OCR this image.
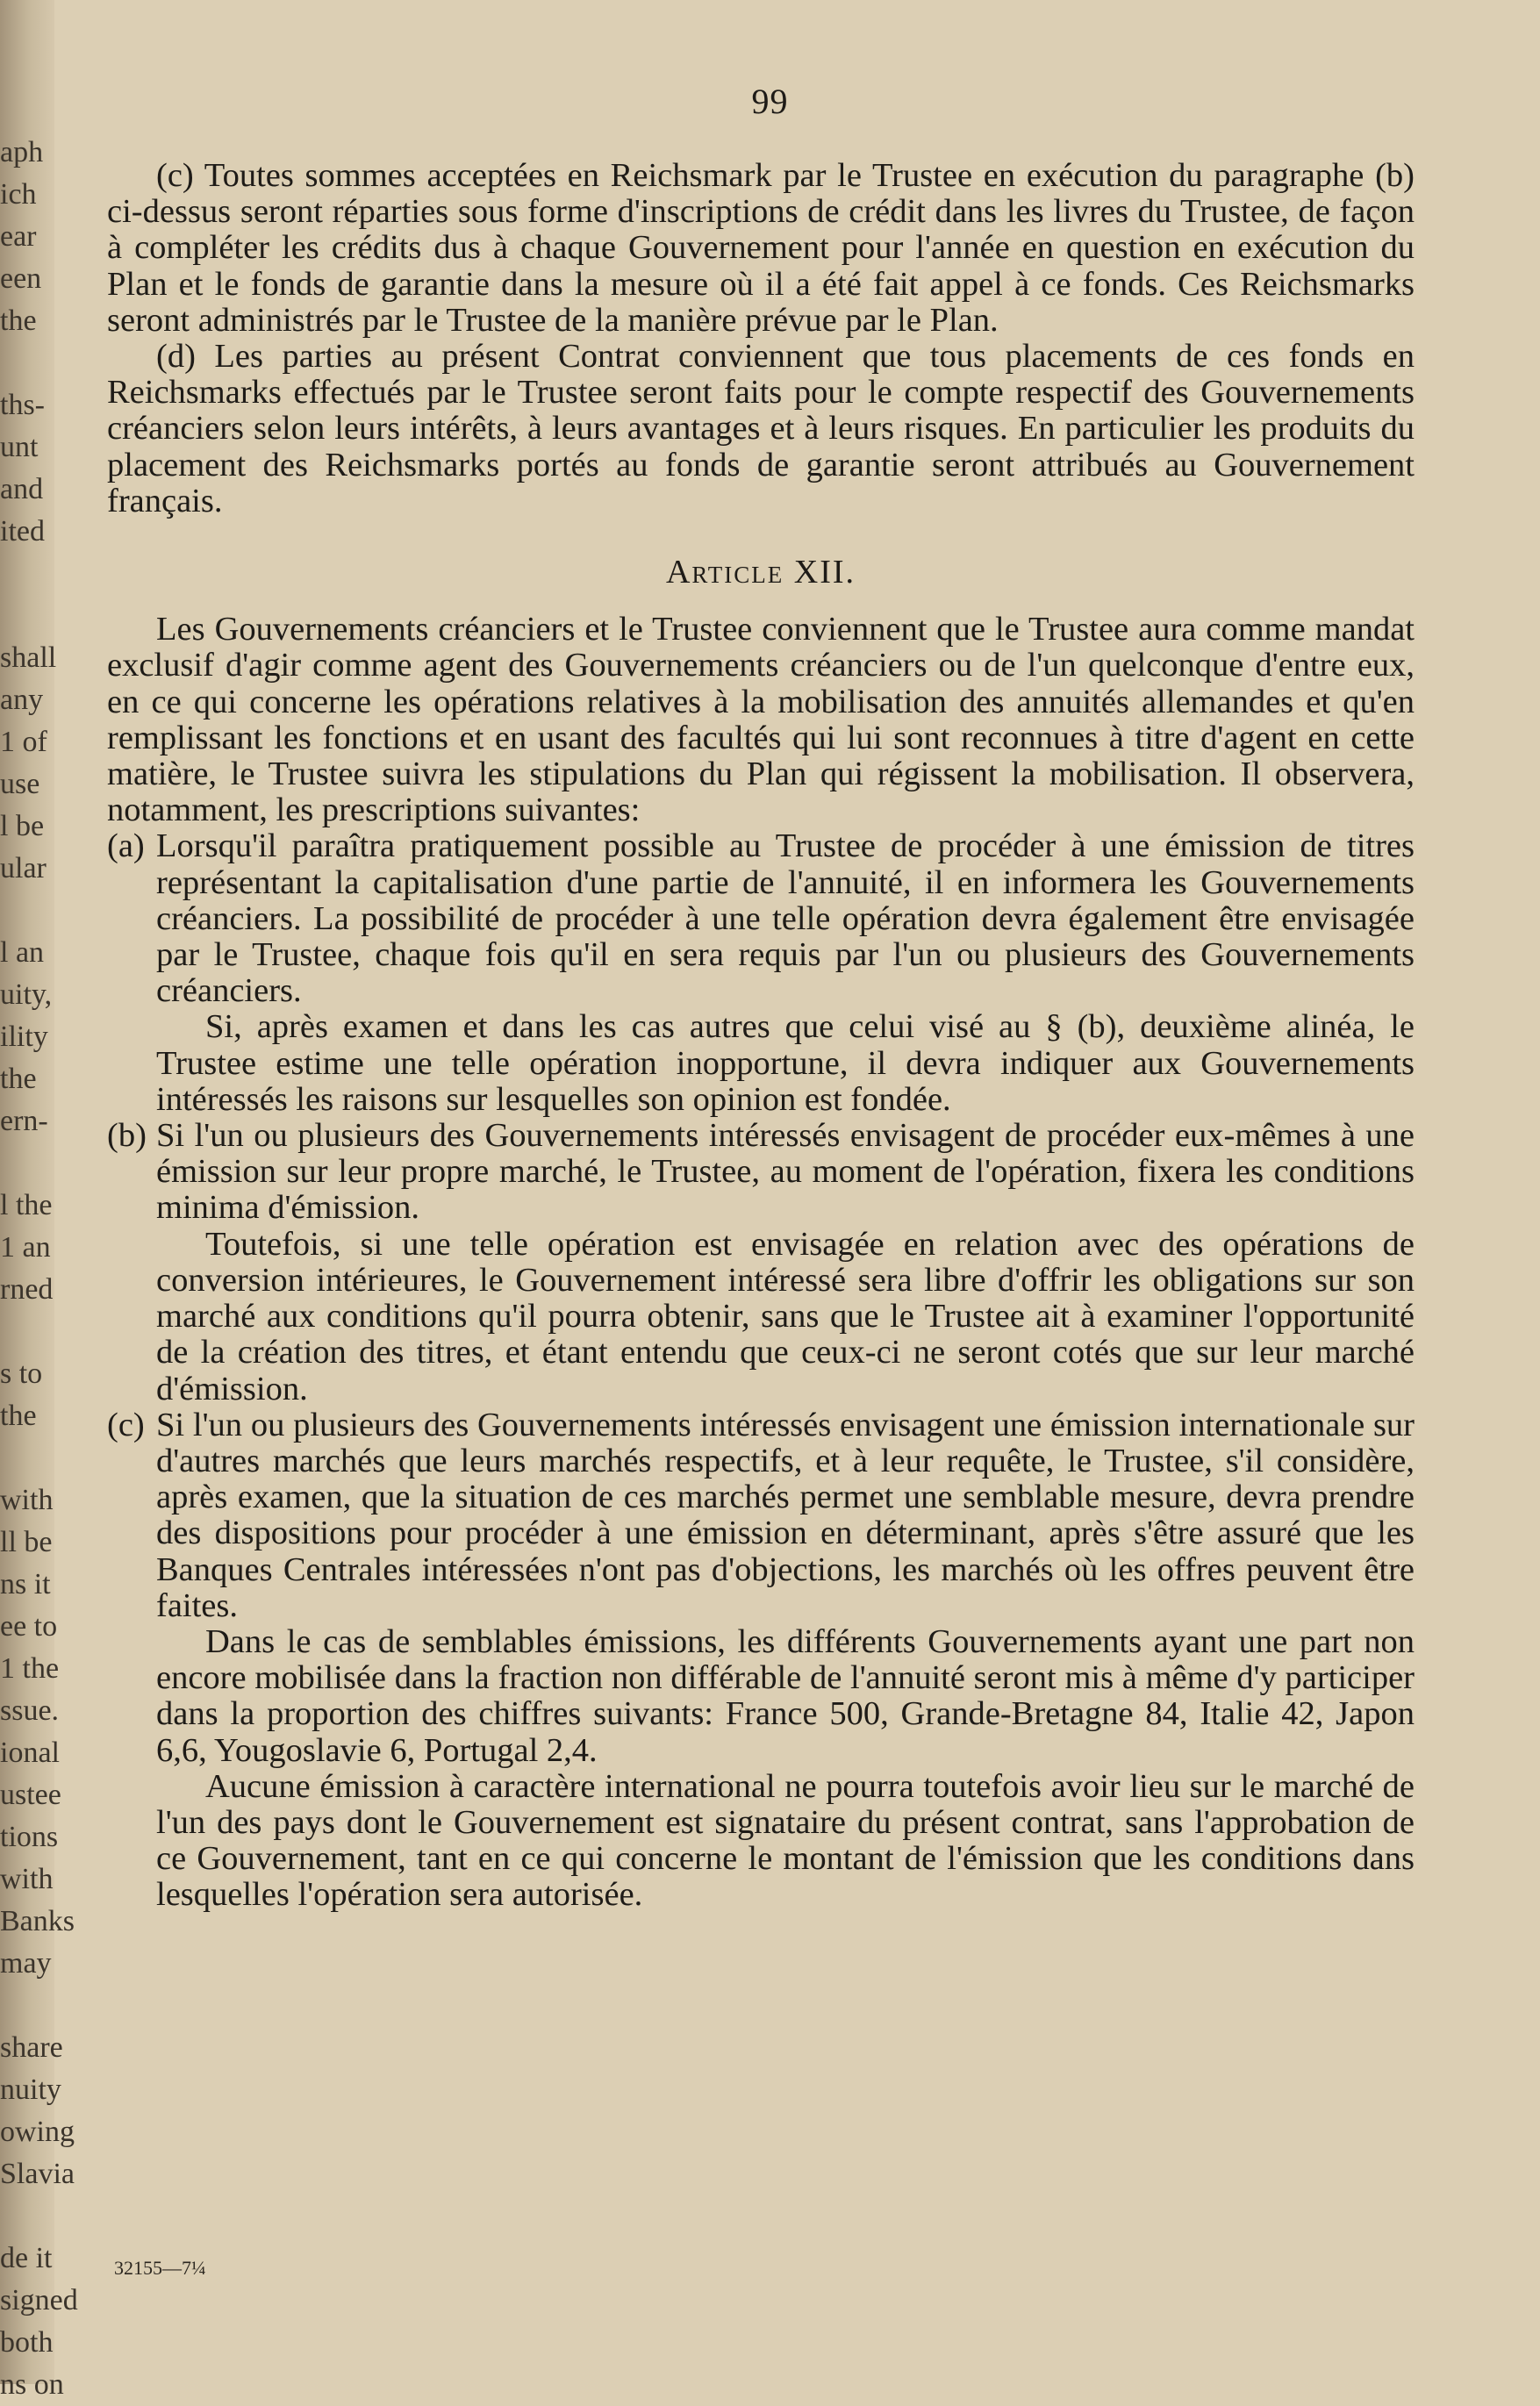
aph
ich
ear
een
the

ths-
unt
and
ited

shall
any
1 of
use
l be
ular

l an
uity,
ility
the
ern-

l the
1 an
rned

s to
the

with
ll be
ns it
ee to
1 the
ssue.
ional
ustee
tions
with
Banks
may

share
nuity
owing
Slavia

de it
signed
both
ns on
99

(c) Toutes sommes acceptées en Reichsmark par le Trustee en exécution du paragraphe (b) ci-dessus seront réparties sous forme d'inscriptions de crédit dans les livres du Trustee, de façon à compléter les crédits dus à chaque Gouvernement pour l'année en question en exécution du Plan et le fonds de garantie dans la mesure où il a été fait appel à ce fonds. Ces Reichsmarks seront administrés par le Trustee de la manière prévue par le Plan.

(d) Les parties au présent Contrat conviennent que tous placements de ces fonds en Reichsmarks effectués par le Trustee seront faits pour le compte respectif des Gouvernements créanciers selon leurs intérêts, à leurs avantages et à leurs risques. En particulier les produits du placement des Reichsmarks portés au fonds de garantie seront attribués au Gouvernement français.

Article XII.

Les Gouvernements créanciers et le Trustee conviennent que le Trustee aura comme mandat exclusif d'agir comme agent des Gouvernements créanciers ou de l'un quelconque d'entre eux, en ce qui concerne les opérations relatives à la mobilisation des annuités allemandes et qu'en remplissant les fonctions et en usant des facultés qui lui sont reconnues à titre d'agent en cette matière, le Trustee suivra les stipulations du Plan qui régissent la mobilisation. Il observera, notamment, les prescriptions suivantes:

(a) Lorsqu'il paraîtra pratiquement possible au Trustee de procéder à une émission de titres représentant la capitalisation d'une partie de l'annuité, il en informera les Gouvernements créanciers. La possibilité de procéder à une telle opération devra également être envisagée par le Trustee, chaque fois qu'il en sera requis par l'un ou plusieurs des Gouvernements créanciers.

Si, après examen et dans les cas autres que celui visé au § (b), deuxième alinéa, le Trustee estime une telle opération inopportune, il devra indiquer aux Gouvernements intéressés les raisons sur lesquelles son opinion est fondée.

(b) Si l'un ou plusieurs des Gouvernements intéressés envisagent de procéder eux-mêmes à une émission sur leur propre marché, le Trustee, au moment de l'opération, fixera les conditions minima d'émission.

Toutefois, si une telle opération est envisagée en relation avec des opérations de conversion intérieures, le Gouvernement intéressé sera libre d'offrir les obligations sur son marché aux conditions qu'il pourra obtenir, sans que le Trustee ait à examiner l'opportunité de la création des titres, et étant entendu que ceux-ci ne seront cotés que sur leur marché d'émission.

(c) Si l'un ou plusieurs des Gouvernements intéressés envisagent une émission internationale sur d'autres marchés que leurs marchés respectifs, et à leur requête, le Trustee, s'il considère, après examen, que la situation de ces marchés permet une semblable mesure, devra prendre des dispositions pour procéder à une émission en déterminant, après s'être assuré que les Banques Centrales intéressées n'ont pas d'objections, les marchés où les offres peuvent être faites.

Dans le cas de semblables émissions, les différents Gouvernements ayant une part non encore mobilisée dans la fraction non différable de l'annuité seront mis à même d'y participer dans la proportion des chiffres suivants: France 500, Grande-Bretagne 84, Italie 42, Japon 6,6, Yougoslavie 6, Portugal 2,4.

Aucune émission à caractère international ne pourra toutefois avoir lieu sur le marché de l'un des pays dont le Gouvernement est signataire du présent contrat, sans l'approbation de ce Gouvernement, tant en ce qui concerne le montant de l'émission que les conditions dans lesquelles l'opération sera autorisée.

32155—7¼
